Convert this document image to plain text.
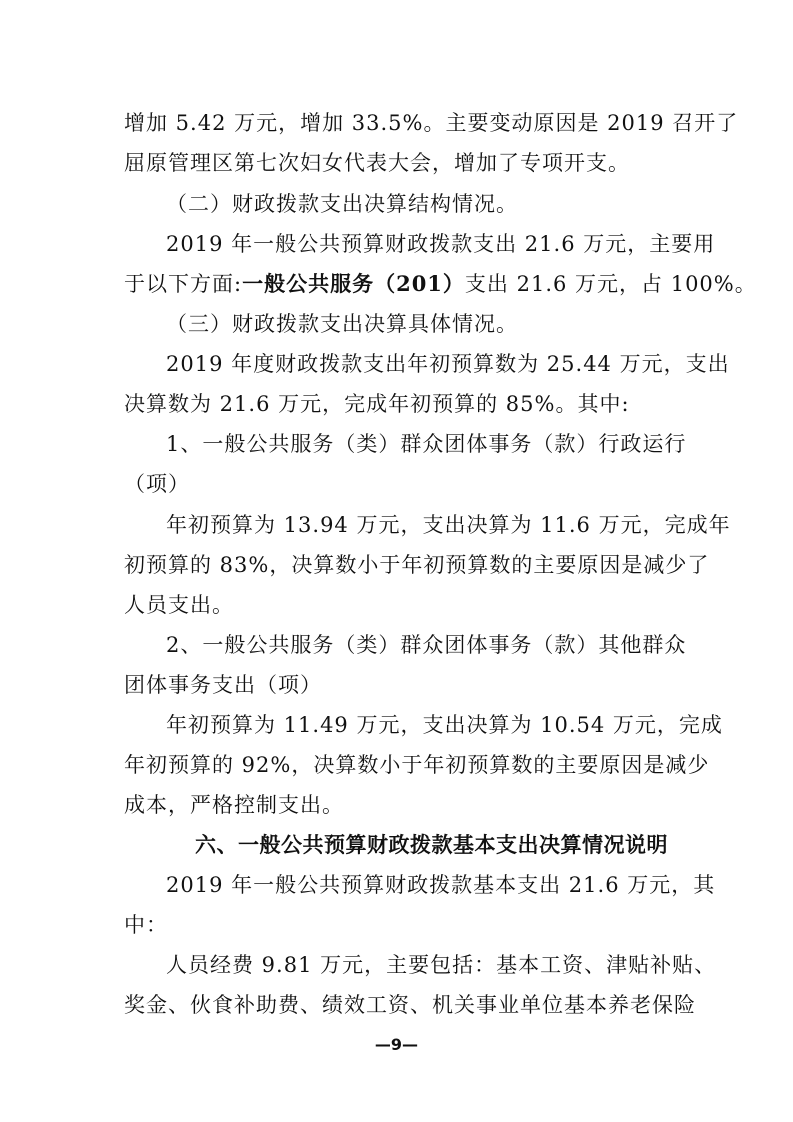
增加 5.42 万元，增加 33.5%。主要变动原因是 2019 召开了
屈原管理区第七次妇女代表大会，增加了专项开支。
（二）财政拨款支出决算结构情况。
2019 年一般公共预算财政拨款支出 21.6 万元，主要用
于以下方面:一般公共服务（201）支出 21.6 万元，占 100%。
（三）财政拨款支出决算具体情况。
2019 年度财政拨款支出年初预算数为 25.44 万元，支出
决算数为 21.6 万元，完成年初预算的 85%。其中:
1、一般公共服务（类）群众团体事务（款）行政运行
（项）
年初预算为 13.94 万元，支出决算为 11.6 万元，完成年
初预算的 83%，决算数小于年初预算数的主要原因是减少了
人员支出。
2、一般公共服务（类）群众团体事务（款）其他群众
团体事务支出（项）
年初预算为 11.49 万元，支出决算为 10.54 万元，完成
年初预算的 92%，决算数小于年初预算数的主要原因是减少
成本，严格控制支出。
六、一般公共预算财政拨款基本支出决算情况说明
2019 年一般公共预算财政拨款基本支出 21.6 万元，其
中：
人员经费 9.81 万元，主要包括：基本工资、津贴补贴、
奖金、伙食补助费、绩效工资、机关事业单位基本养老保险
—9—
